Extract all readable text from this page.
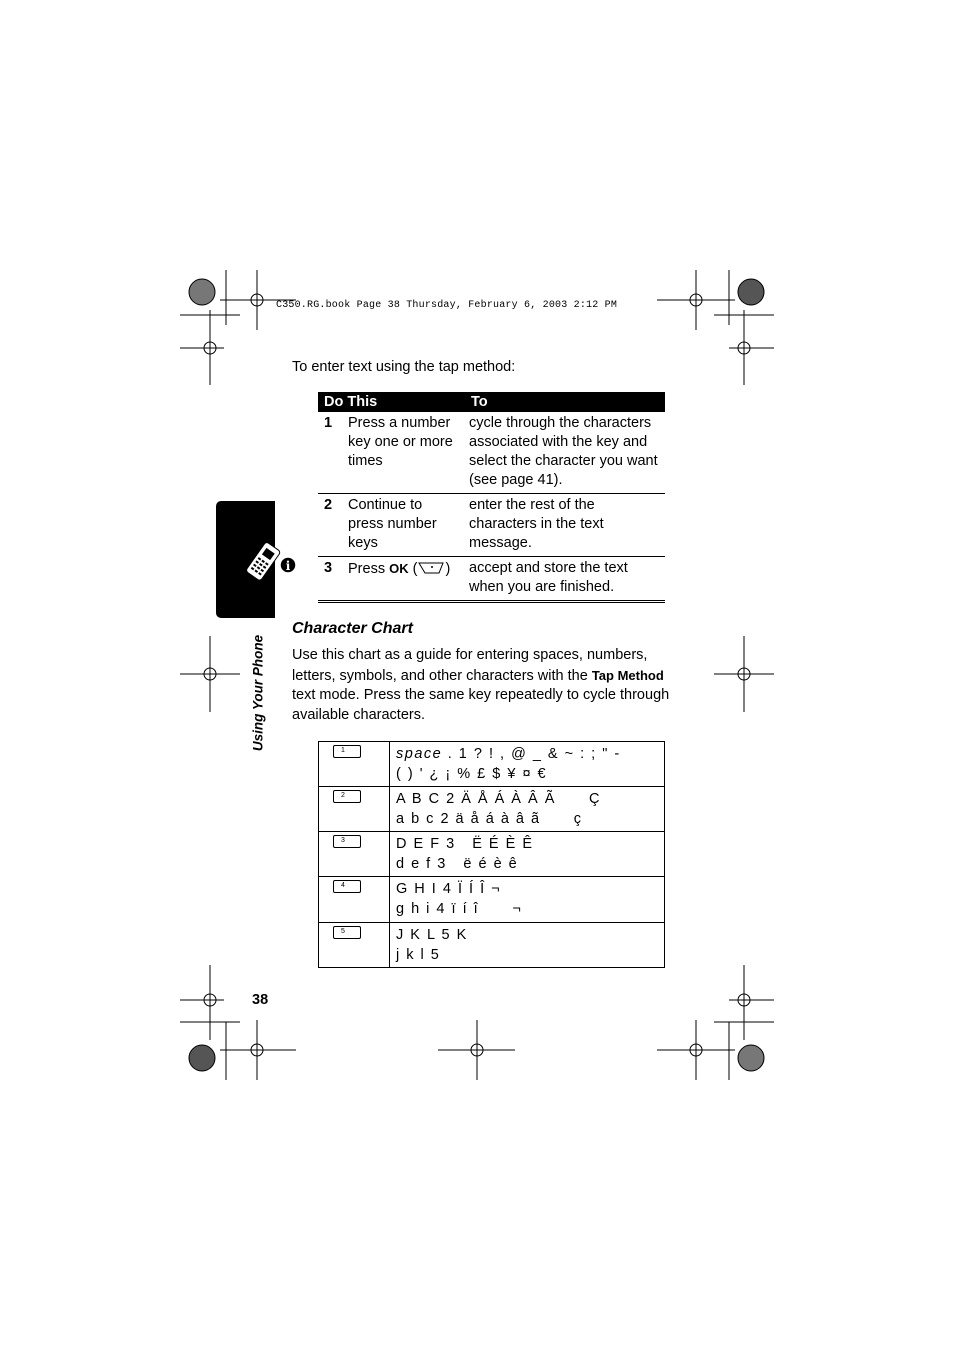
C350.RG.book Page 38 Thursday, February 6, 2003 2:12 PM
i
Using Your Phone
To enter text using the tap method:
Do This		To
1	Press a number key one or more times	cycle through the characters associated with the key and select the character you want (see page 41).
2	Continue to press number keys	enter the rest of the characters in the text message.
3	Press OK ( )	accept and store the text when you are finished.
Character Chart
Use this chart as a guide for entering spaces, numbers, letters, symbols, and other characters with the Tap Method text mode. Press the same key repeatedly to cycle through available characters.
1	space . 1 ? ! , @ _ & ~ : ; " -
( ) ' ¿ ¡ % £ $ ¥ ¤ €

2	A B C 2 Ä Å Á À Â Ã      Ç
a b c 2 ä å á à â ã      ç

3	D E F 3   Ë É È Ê
d e f 3   ë é è ê

4	G H I 4 Ï Í Î ¬
g h i 4 ï í î      ¬

5	J K L 5 K
j k l 5
38
